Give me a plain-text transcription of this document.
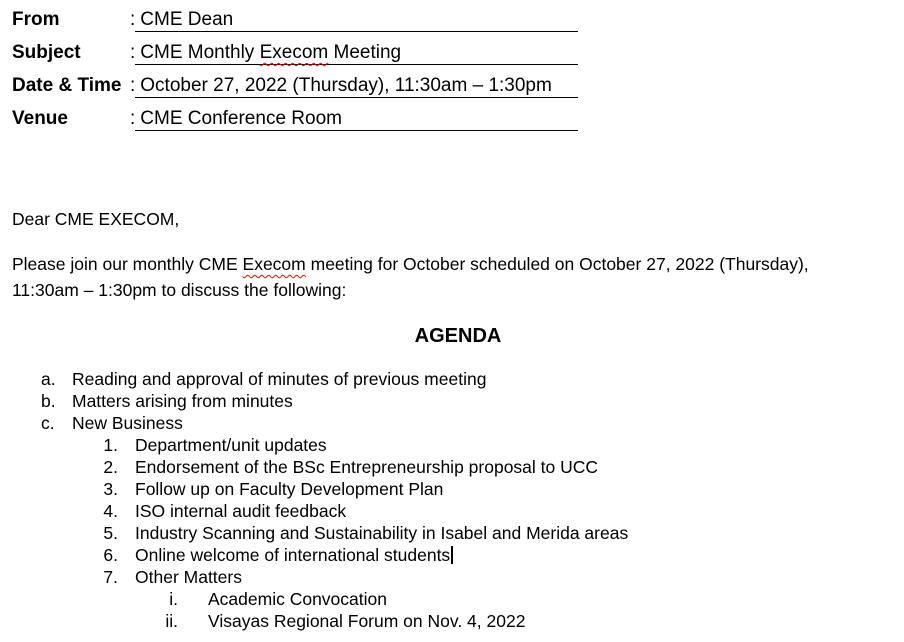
From	: CME Dean
Subject	: CME Monthly Execom Meeting
Date & Time : October 27, 2022 (Thursday), 11:30am – 1:30pm
Venue	: CME Conference Room
Dear CME EXECOM,
Please join our monthly CME Execom meeting for October scheduled on October 27, 2022 (Thursday),
11:30am – 1:30pm to discuss the following:
AGENDA
a. Reading and approval of minutes of previous meeting
b. Matters arising from minutes
c. New Business
1. Department/unit updates
2. Endorsement of the BSc Entrepreneurship proposal to UCC
3. Follow up on Faculty Development Plan
4. ISO internal audit feedback
5. Industry Scanning and Sustainability in Isabel and Merida areas
6. Online welcome of international students
7. Other Matters
i. Academic Convocation
ii. Visayas Regional Forum on Nov. 4, 2022
